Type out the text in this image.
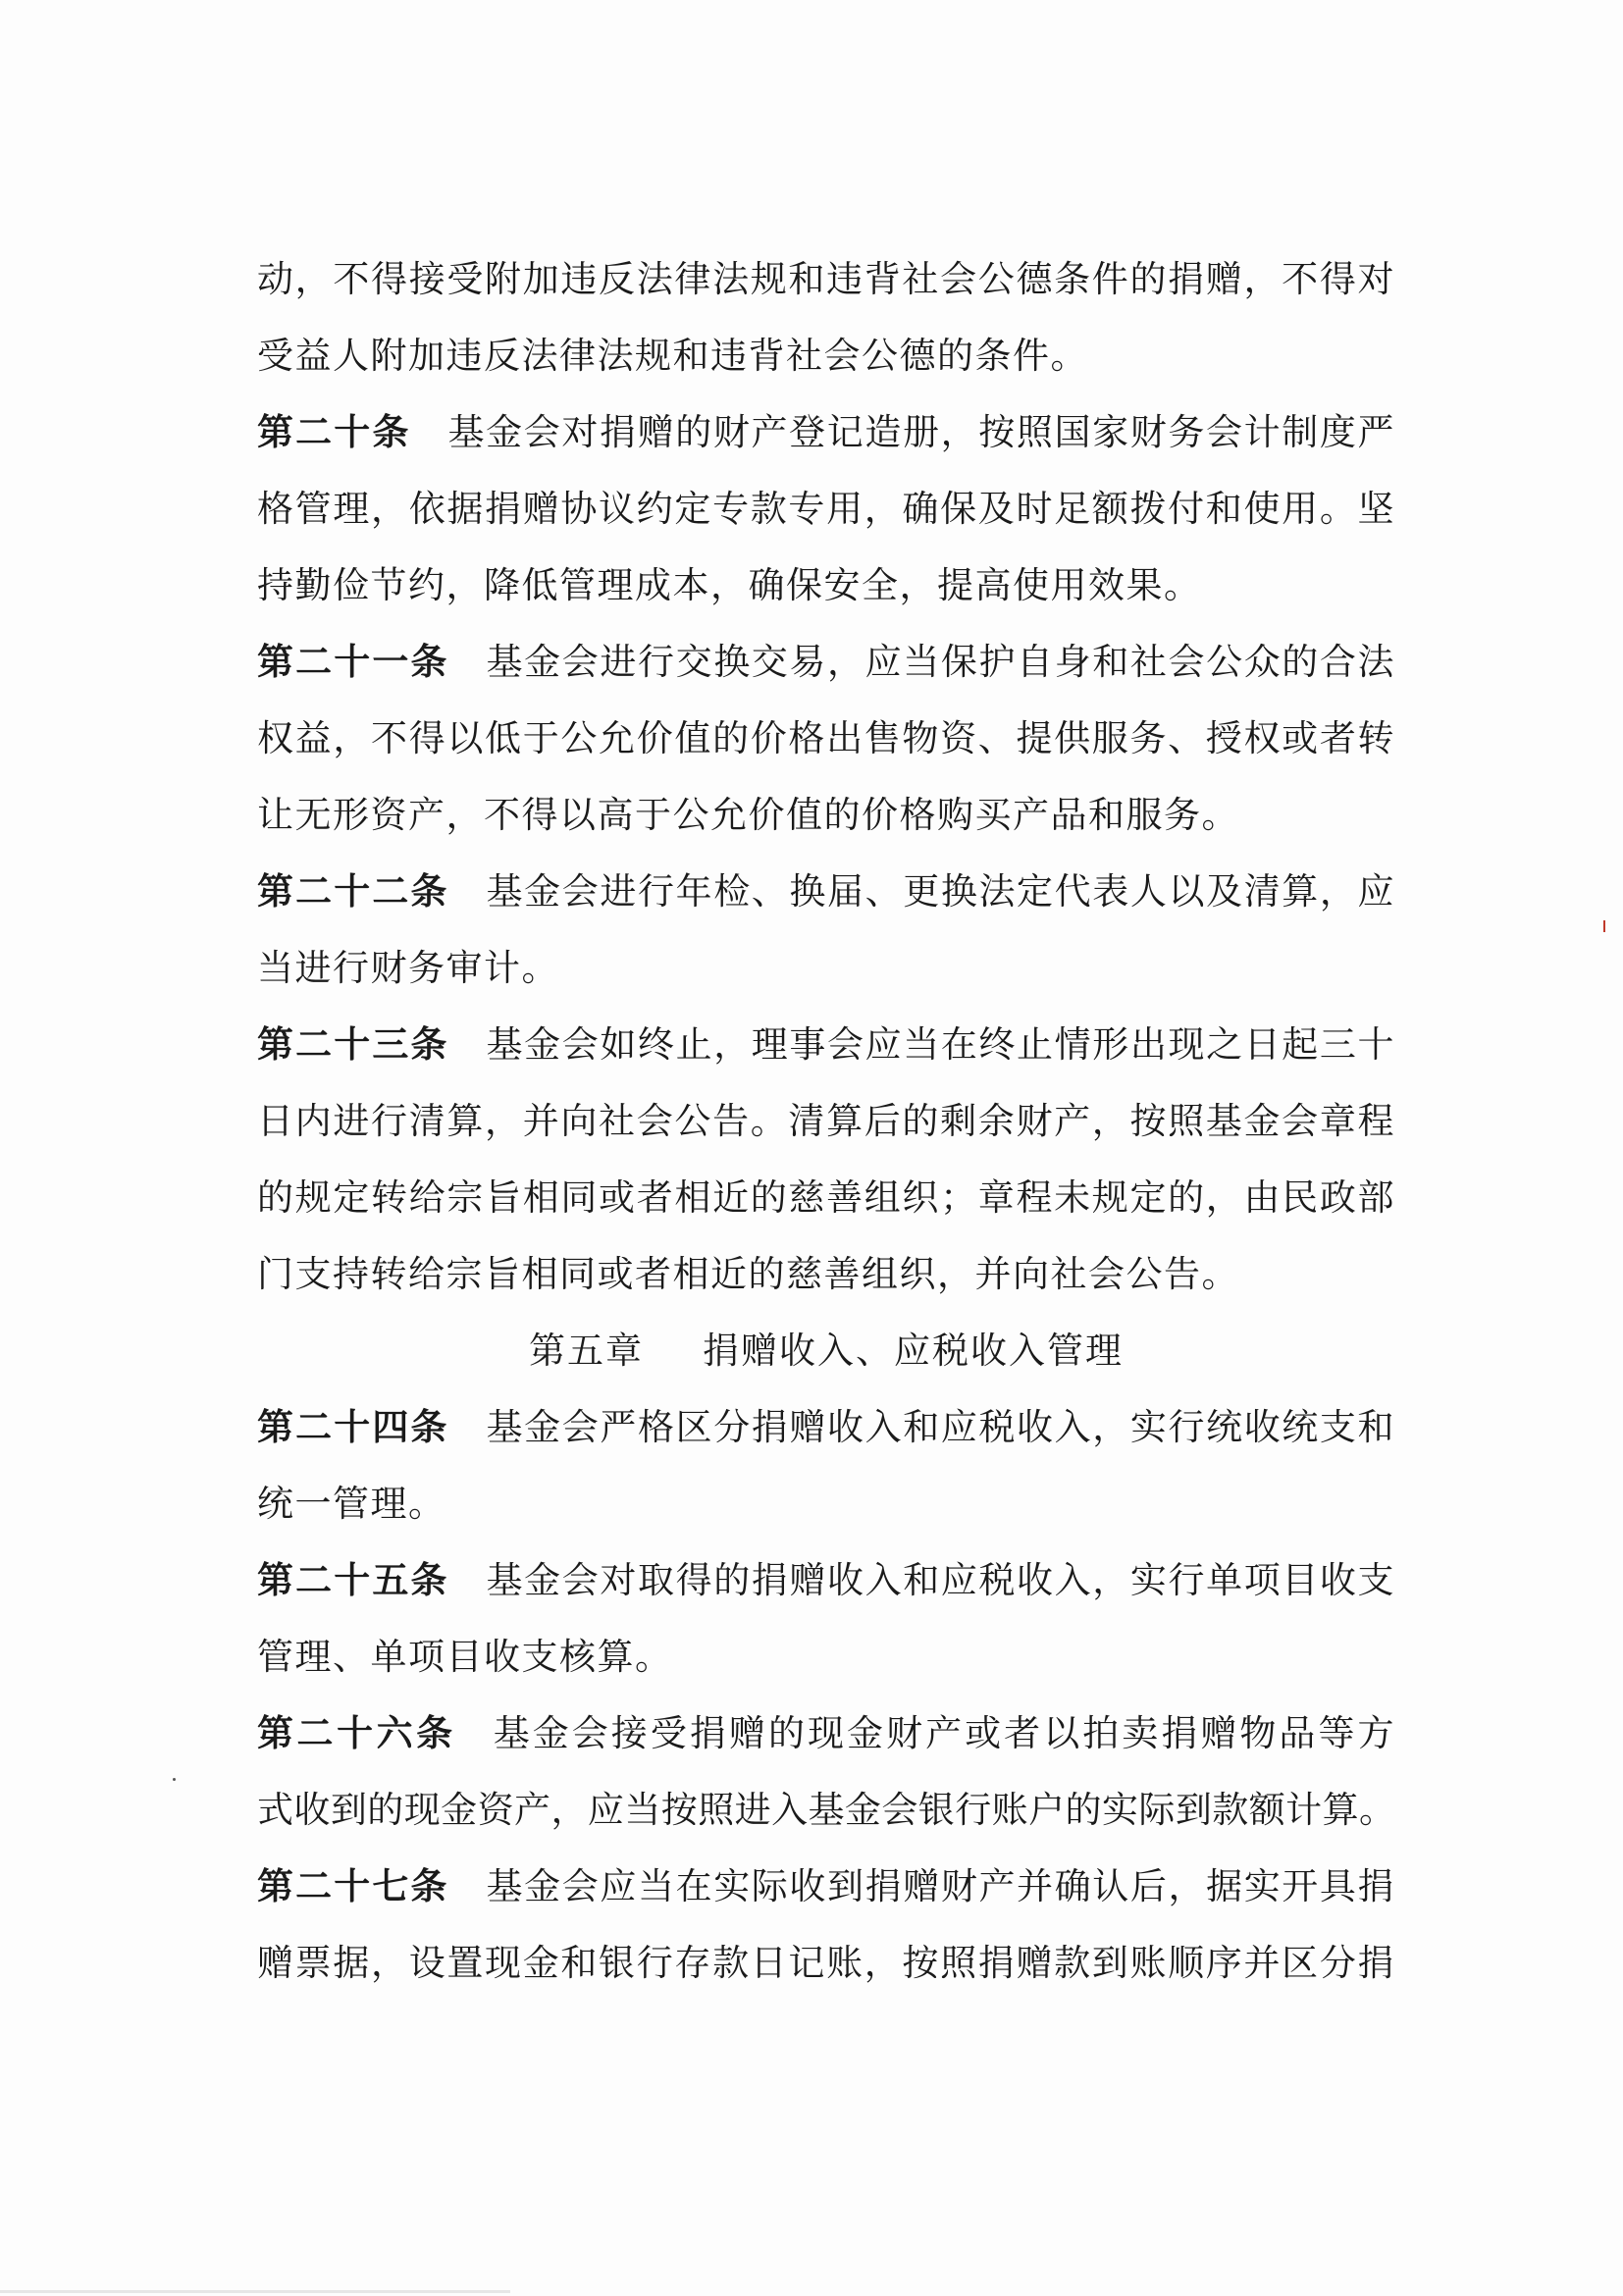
动，不得接受附加违反法律法规和违背社会公德条件的捐赠，不得对
受益人附加违反法律法规和违背社会公德的条件。
第二十条 基金会对捐赠的财产登记造册，按照国家财务会计制度严
格管理，依据捐赠协议约定专款专用，确保及时足额拨付和使用。坚
持勤俭节约，降低管理成本，确保安全，提高使用效果。
第二十一条 基金会进行交换交易，应当保护自身和社会公众的合法
权益，不得以低于公允价值的价格出售物资、提供服务、授权或者转
让无形资产，不得以高于公允价值的价格购买产品和服务。
第二十二条 基金会进行年检、换届、更换法定代表人以及清算，应
当进行财务审计。
第二十三条 基金会如终止，理事会应当在终止情形出现之日起三十
日内进行清算，并向社会公告。清算后的剩余财产，按照基金会章程
的规定转给宗旨相同或者相近的慈善组织；章程未规定的，由民政部
门支持转给宗旨相同或者相近的慈善组织，并向社会公告。
第五章 捐赠收入、应税收入管理
第二十四条 基金会严格区分捐赠收入和应税收入，实行统收统支和
统一管理。
第二十五条 基金会对取得的捐赠收入和应税收入，实行单项目收支
管理、单项目收支核算。
第二十六条 基金会接受捐赠的现金财产或者以拍卖捐赠物品等方
式收到的现金资产，应当按照进入基金会银行账户的实际到款额计算。
第二十七条 基金会应当在实际收到捐赠财产并确认后，据实开具捐
赠票据，设置现金和银行存款日记账，按照捐赠款到账顺序并区分捐
